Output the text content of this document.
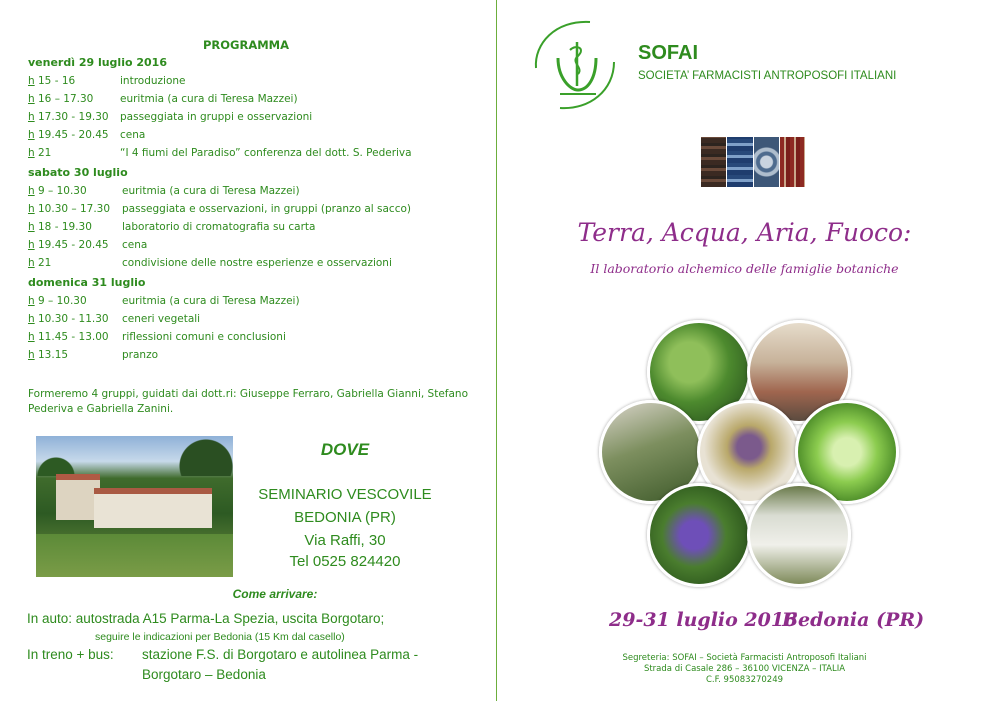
PROGRAMMA
venerdì 29 luglio 2016
h 15 - 16	introduzione
h 16 – 17.30	euritmia (a cura di Teresa Mazzei)
h 17.30 - 19.30 passeggiata in gruppi e osservazioni
h 19.45 - 20.45 cena
h 21	“I 4 fiumi del Paradiso” conferenza del dott. S. Pederiva
sabato 30 luglio
h 9 – 10.30	euritmia (a cura di Teresa Mazzei)
h 10.30 – 17.30 passeggiata e osservazioni, in gruppi (pranzo al sacco)
h 18 - 19.30	laboratorio di cromatografia su carta
h 19.45 - 20.45 cena
h 21	condivisione delle nostre esperienze e osservazioni
domenica 31 luglio
h 9 – 10.30	euritmia (a cura di Teresa Mazzei)
h 10.30 - 11.30 ceneri vegetali
h 11.45 - 13.00 riflessioni comuni e conclusioni
h 13.15	pranzo
Formeremo 4 gruppi, guidati dai dott.ri: Giuseppe Ferraro, Gabriella Gianni, Stefano Pederiva e Gabriella Zanini.
DOVE
SEMINARIO VESCOVILE
BEDONIA (PR)
Via Raffi, 30
Tel 0525 824420
Come arrivare:
In auto: autostrada A15 Parma-La Spezia, uscita Borgotaro;
seguire le indicazioni per Bedonia (15 Km dal casello)
In treno + bus: stazione F.S. di Borgotaro e autolinea Parma -
Borgotaro – Bedonia
SOFAI
SOCIETA’ FARMACISTI ANTROPOSOFI ITALIANI
Terra, Acqua, Aria, Fuoco:
Il laboratorio alchemico delle famiglie botaniche
29-31 luglio 2016
Bedonia (PR)
Segreteria: SOFAI – Società Farmacisti Antroposofi Italiani
Strada di Casale 286 – 36100 VICENZA – ITALIA
C.F. 95083270249
